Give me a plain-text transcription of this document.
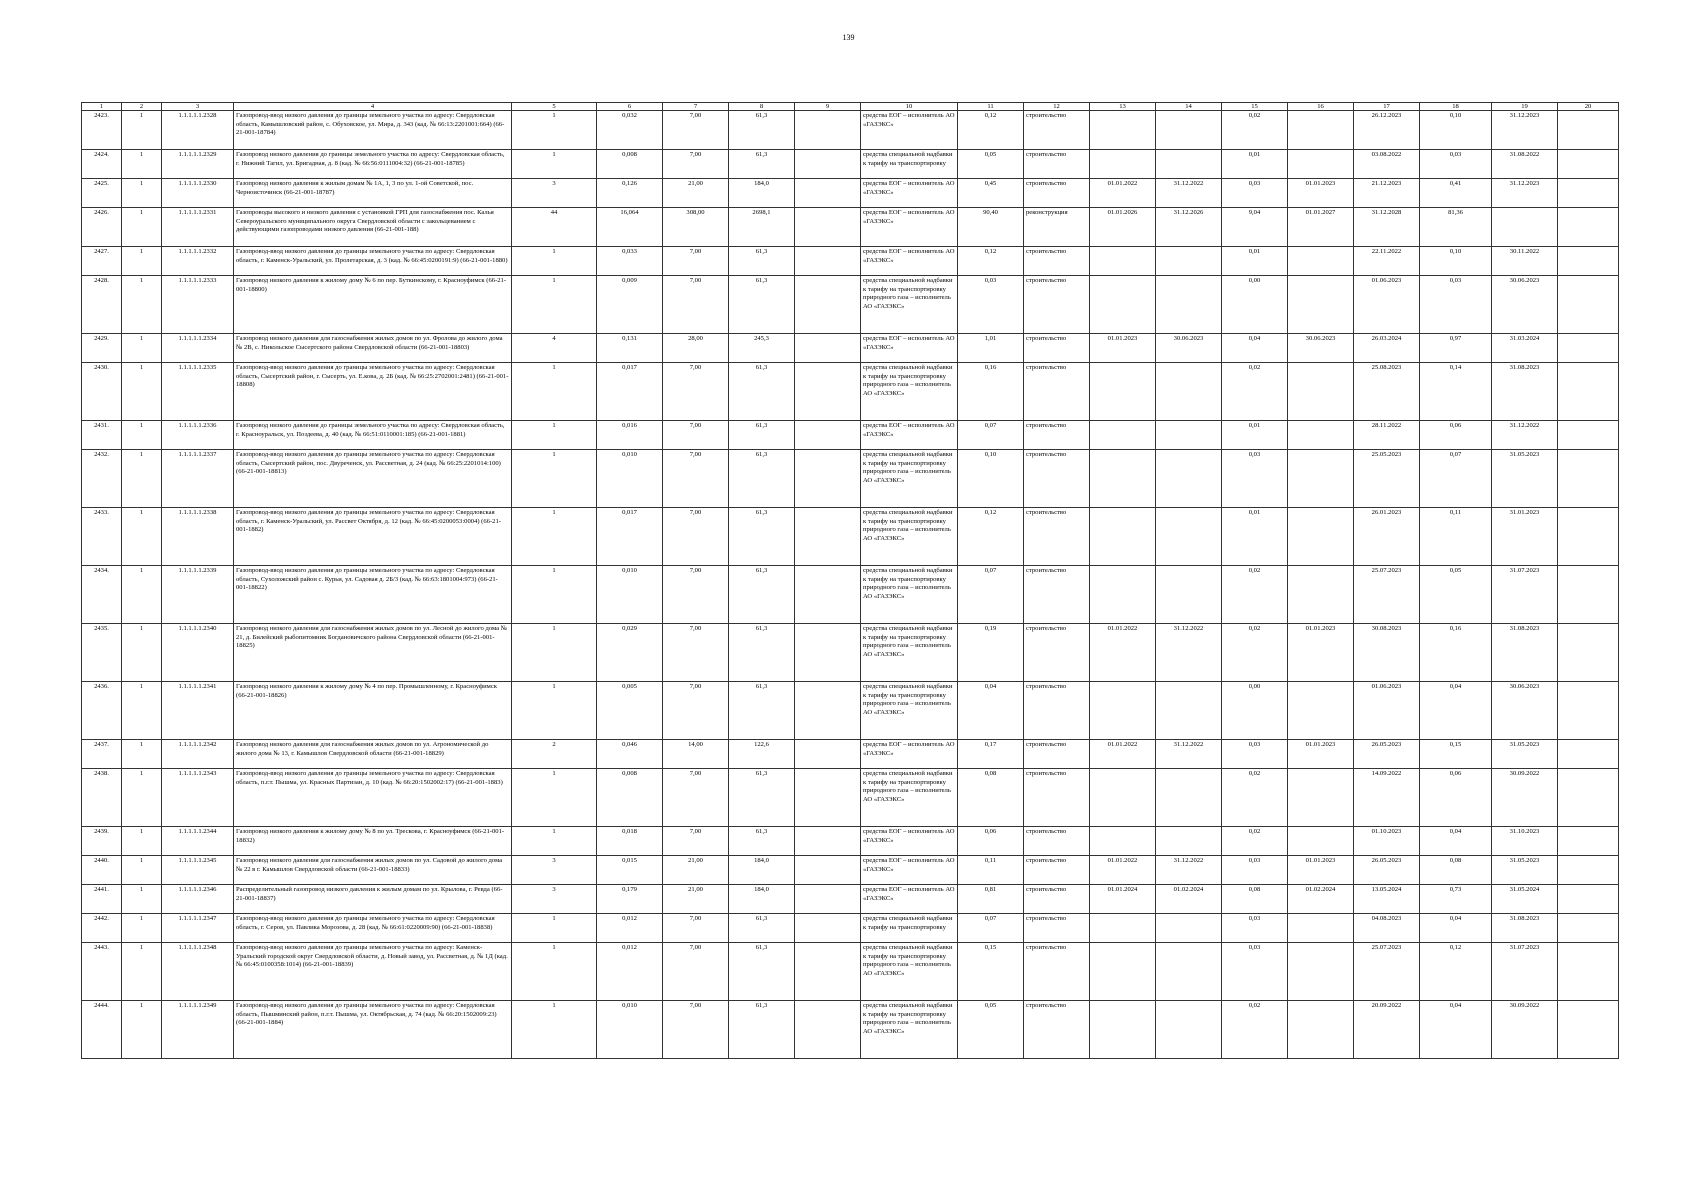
139
1	2	3	4	5	6	7	8	9	10	11	12	13	14	15	16	17	18	19	20
2423.	1	1.1.1.1.1.2328	Газопровод-ввод низкого давления до границы земельного участка по адресу: Свердловская область, Камышловский район, с. Обуховское, ул. Мира, д. 343 (кад. № 66:13:2201001:664) (66-21-001-18784)	1	0,032	7,00	61,3		средства ЕОГ – исполнитель АО «ГАЗЭКС»	0,12	строительство			0,02		26.12.2023	0,10	31.12.2023	
2424.	1	1.1.1.1.1.2329	Газопровод низкого давления до границы земельного участка по адресу: Свердловская область, г. Нижний Тагил, ул. Бригадная, д. 8 (кад. № 66:56:0111004:32) (66-21-001-18785)	1	0,008	7,00	61,3		средства специальной надбавки к тарифу на транспортировку	0,05	строительство			0,01		03.08.2022	0,03	31.08.2022	
2425.	1	1.1.1.1.1.2330	Газопровод низкого давления к жилым домам № 1А, 1, 3 по ул. 1-ой Советской, пос. Черноисточинск (66-21-001-18787)	3	0,126	21,00	184,0		средства ЕОГ – исполнитель АО «ГАЗЭКС»	0,45	строительство	01.01.2022	31.12.2022	0,03	01.01.2023	21.12.2023	0,41	31.12.2023	
2426.	1	1.1.1.1.1.2331	Газопроводы высокого и низкого давления с установкой ГРП для газоснабжения пос. Калья Североуральского муниципального округа Свердловской области с закольцеванием с действующими газопроводами низкого давления (66-21-001-188)	44	16,064	308,00	2698,1		средства ЕОГ – исполнитель АО «ГАЗЭКС»	90,40	реконструкция	01.01.2026	31.12.2026	9,04	01.01.2027	31.12.2028	81,36		
2427.	1	1.1.1.1.1.2332	Газопровод-ввод низкого давления до границы земельного участка по адресу: Свердловская область, г. Каменск-Уральский, ул. Пролетарская, д. 3 (кад. № 66:45:0200191:9) (66-21-001-1880)	1	0,033	7,00	61,3		средства ЕОГ – исполнитель АО «ГАЗЭКС»	0,12	строительство			0,01		22.11.2022	0,10	30.11.2022	
2428.	1	1.1.1.1.1.2333	Газопровод низкого давления к жилому дому № 6 по пер. Буткинскому, г. Красноуфимск (66-21-001-18800)	1	0,009	7,00	61,3		средства специальной надбавки к тарифу на транспортировку природного газа – исполнитель АО «ГАЗЭКС»	0,03	строительство			0,00		01.06.2023	0,03	30.06.2023	
2429.	1	1.1.1.1.1.2334	Газопровод низкого давления для газоснабжения жилых домов по ул. Фролова до жилого дома № 2В, с. Никольское Сысертского района Свердловской области (66-21-001-18803)	4	0,131	28,00	245,3		средства ЕОГ – исполнитель АО «ГАЗЭКС»	1,01	строительство	01.01.2023	30.06.2023	0,04	30.06.2023	26.03.2024	0,97	31.03.2024	
2430.	1	1.1.1.1.1.2335	Газопровод-ввод низкого давления до границы земельного участка по адресу: Свердловская область, Сысертский район, г. Сысерть, ул. Е.кова, д. 2Б (кад. № 66:25:2702001:2481) (66-21-001-18808)	1	0,017	7,00	61,3		средства специальной надбавки к тарифу на транспортировку природного газа – исполнитель АО «ГАЗЭКС»	0,16	строительство			0,02		25.08.2023	0,14	31.08.2023	
2431.	1	1.1.1.1.1.2336	Газопровод низкого давления до границы земельного участка по адресу: Свердловская область, г. Красноуральск, ул. Поздеева, д. 40 (кад. № 66:51:0110001:185) (66-21-001-1881)	1	0,016	7,00	61,3		средства ЕОГ – исполнитель АО «ГАЗЭКС»	0,07	строительство			0,01		28.11.2022	0,06	31.12.2022	
2432.	1	1.1.1.1.1.2337	Газопровод-ввод низкого давления до границы земельного участка по адресу: Свердловская область, Сысертский район, пос. Двуреченск, ул. Рассветная, д. 24 (кад. № 66:25:2201014:100) (66-21-001-18813)	1	0,010	7,00	61,3		средства специальной надбавки к тарифу на транспортировку природного газа – исполнитель АО «ГАЗЭКС»	0,10	строительство			0,03		25.05.2023	0,07	31.05.2023	
2433.	1	1.1.1.1.1.2338	Газопровод-ввод низкого давления до границы земельного участка по адресу: Свердловская область, г. Каменск-Уральский, ул. Рассвет Октября, д. 12 (кад. № 66:45:0200053:0004) (66-21-001-1882)	1	0,017	7,00	61,3		средства специальной надбавки к тарифу на транспортировку природного газа – исполнитель АО «ГАЗЭКС»	0,12	строительство			0,01		26.01.2023	0,11	31.01.2023	
2434.	1	1.1.1.1.1.2339	Газопровод-ввод низкого давления до границы земельного участка по адресу: Свердловская область, Сухоложский район с. Курьи, ул. Садовая д. 2Б/3 (кад. № 66:63:1801004:973) (66-21-001-18822)	1	0,010	7,00	61,3		средства специальной надбавки к тарифу на транспортировку природного газа – исполнитель АО «ГАЗЭКС»	0,07	строительство			0,02		25.07.2023	0,05	31.07.2023	
2435.	1	1.1.1.1.1.2340	Газопровод низкого давления для газоснабжения жилых домов по ул. Лесной до жилого дома № 21, д. Билейский рыбопитомник Богдановичского района Свердловской области (66-21-001-18825)	1	0,029	7,00	61,3		средства специальной надбавки к тарифу на транспортировку природного газа – исполнитель АО «ГАЗЭКС»	0,19	строительство	01.01.2022	31.12.2022	0,02	01.01.2023	30.08.2023	0,16	31.08.2023	
2436.	1	1.1.1.1.1.2341	Газопровод низкого давления к жилому дому № 4 по пер. Промышленному, г. Красноуфимск (66-21-001-18826)	1	0,005	7,00	61,3		средства специальной надбавки к тарифу на транспортировку природного газа – исполнитель АО «ГАЗЭКС»	0,04	строительство			0,00		01.06.2023	0,04	30.06.2023	
2437.	1	1.1.1.1.1.2342	Газопровод низкого давления для газоснабжения жилых домов по ул. Агрономической до жилого дома № 13, г. Камышлов Свердловской области (66-21-001-18829)	2	0,046	14,00	122,6		средства ЕОГ – исполнитель АО «ГАЗЭКС»	0,17	строительство	01.01.2022	31.12.2022	0,03	01.01.2023	26.05.2023	0,15	31.05.2023	
2438.	1	1.1.1.1.1.2343	Газопровод-ввод низкого давления до границы земельного участка по адресу: Свердловская область, п.г.т. Пышма, ул. Красных Партизан, д. 10 (кад. № 66:20:1502002:17) (66-21-001-1883)	1	0,008	7,00	61,3		средства специальной надбавки к тарифу на транспортировку природного газа – исполнитель АО «ГАЗЭКС»	0,08	строительство			0,02		14.09.2022	0,06	30.09.2022	
2439.	1	1.1.1.1.1.2344	Газопровод низкого давления к жилому дому № 8 по ул. Трескова, г. Красноуфимск (66-21-001-18832)	1	0,018	7,00	61,3		средства ЕОГ – исполнитель АО «ГАЗЭКС»	0,06	строительство			0,02		01.10.2023	0,04	31.10.2023	
2440.	1	1.1.1.1.1.2345	Газопровод низкого давления для газоснабжения жилых домов по ул. Садовой до жилого дома № 22 в г. Камышлов Свердловской области (66-21-001-18833)	3	0,015	21,00	184,0		средства ЕОГ – исполнитель АО «ГАЗЭКС»	0,11	строительство	01.01.2022	31.12.2022	0,03	01.01.2023	26.05.2023	0,08	31.05.2023	
2441.	1	1.1.1.1.1.2346	Распределительный газопровод низкого давления к жилым домам по ул. Крылова, г. Ревда (66-21-001-18837)	3	0,179	21,00	184,0		средства ЕОГ – исполнитель АО «ГАЗЭКС»	0,81	строительство	01.01.2024	01.02.2024	0,08	01.02.2024	13.05.2024	0,73	31.05.2024	
2442.	1	1.1.1.1.1.2347	Газопровод-ввод низкого давления до границы земельного участка по адресу: Свердловская область, г. Серов, ул. Павлика Морозова, д. 28 (кад. № 66:61:0220009:90) (66-21-001-18838)	1	0,012	7,00	61,3		средства специальной надбавки к тарифу на транспортировку	0,07	строительство			0,03		04.08.2023	0,04	31.08.2023	
2443.	1	1.1.1.1.1.2348	Газопровод-ввод низкого давления до границы земельного участка по адресу: Каменск-Уральский городской округ Свердловской области, д. Новый завод, ул. Рассветная, д. № 1Д (кад. № 66:45:0100358:1014) (66-21-001-18839)	1	0,012	7,00	61,3		средства специальной надбавки к тарифу на транспортировку природного газа – исполнитель АО «ГАЗЭКС»	0,15	строительство			0,03		25.07.2023	0,12	31.07.2023	
2444.	1	1.1.1.1.1.2349	Газопровод-ввод низкого давления до границы земельного участка по адресу: Свердловская область, Пышминский район, п.г.т. Пышма, ул. Октябрьская, д. 74 (кад. № 66:20:1502009:23) (66-21-001-1884)	1	0,010	7,00	61,3		средства специальной надбавки к тарифу на транспортировку природного газа – исполнитель АО «ГАЗЭКС»	0,05	строительство			0,02		20.09.2022	0,04	30.09.2022	
